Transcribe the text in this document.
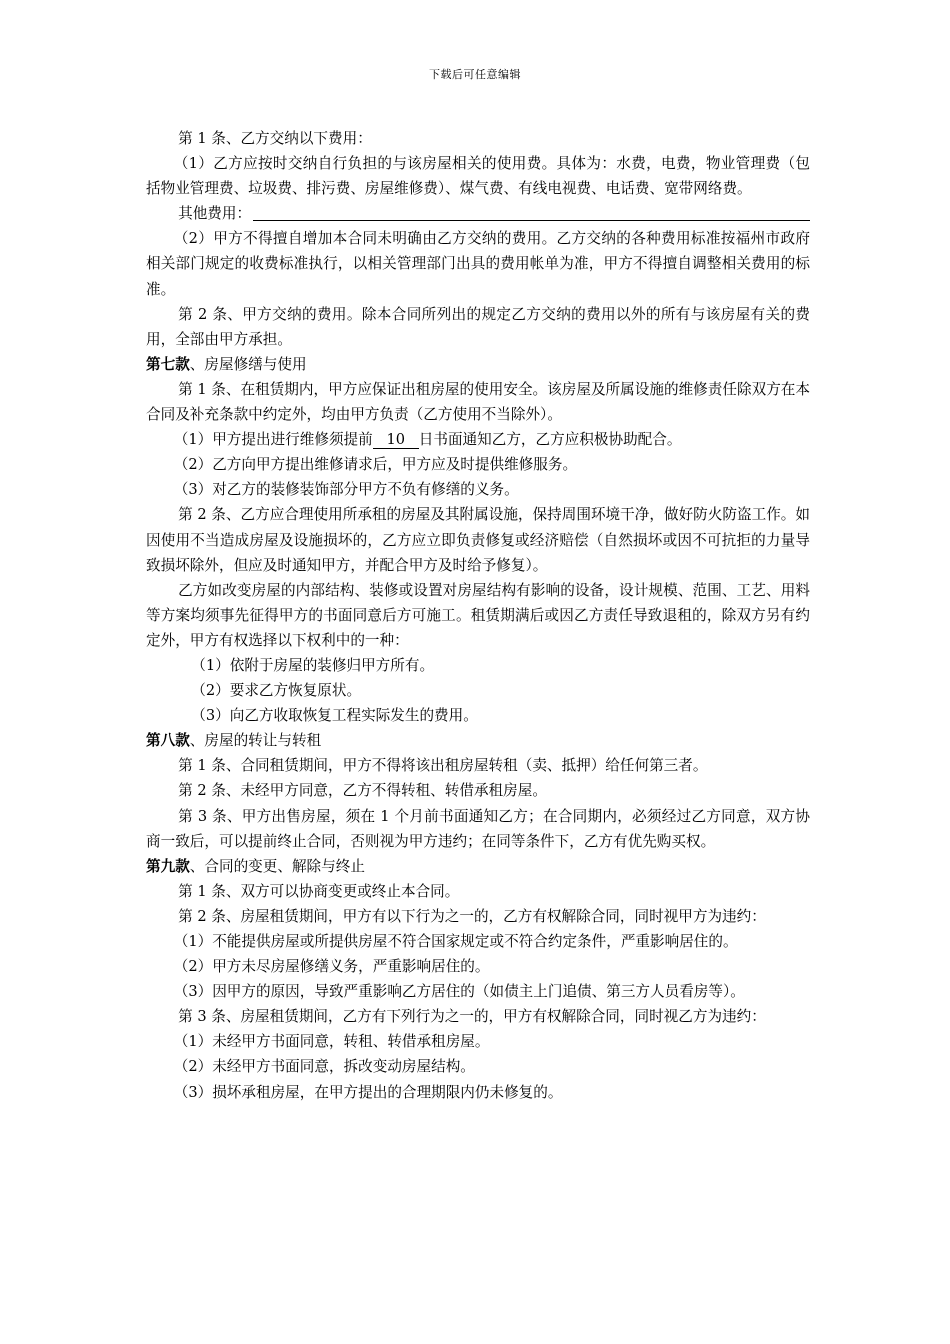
下载后可任意编辑

第 1 条、乙方交纳以下费用：

（1）乙方应按时交纳自行负担的与该房屋相关的使用费。具体为：水费，电费，物业管理费（包括物业管理费、垃圾费、排污费、房屋维修费）、煤气费、有线电视费、电话费、宽带网络费。

其他费用：

（2）甲方不得擅自增加本合同未明确由乙方交纳的费用。乙方交纳的各种费用标准按福州市政府相关部门规定的收费标准执行，以相关管理部门出具的费用帐单为准，甲方不得擅自调整相关费用的标准。

第 2 条、甲方交纳的费用。除本合同所列出的规定乙方交纳的费用以外的所有与该房屋有关的费用，全部由甲方承担。

第七款、房屋修缮与使用

第 1 条、在租赁期内，甲方应保证出租房屋的使用安全。该房屋及所属设施的维修责任除双方在本合同及补充条款中约定外，均由甲方负责（乙方使用不当除外）。

（1）甲方提出进行维修须提前 10 日书面通知乙方，乙方应积极协助配合。

（2）乙方向甲方提出维修请求后，甲方应及时提供维修服务。

（3）对乙方的装修装饰部分甲方不负有修缮的义务。

第 2 条、乙方应合理使用所承租的房屋及其附属设施，保持周围环境干净，做好防火防盗工作。如因使用不当造成房屋及设施损坏的，乙方应立即负责修复或经济赔偿（自然损坏或因不可抗拒的力量导致损坏除外，但应及时通知甲方，并配合甲方及时给予修复）。

乙方如改变房屋的内部结构、装修或设置对房屋结构有影响的设备，设计规模、范围、工艺、用料等方案均须事先征得甲方的书面同意后方可施工。租赁期满后或因乙方责任导致退租的，除双方另有约定外，甲方有权选择以下权利中的一种：

（1）依附于房屋的装修归甲方所有。

（2）要求乙方恢复原状。

（3）向乙方收取恢复工程实际发生的费用。

第八款、房屋的转让与转租

第 1 条、合同租赁期间，甲方不得将该出租房屋转租（卖、抵押）给任何第三者。

第 2 条、未经甲方同意，乙方不得转租、转借承租房屋。

第 3 条、甲方出售房屋，须在 1 个月前书面通知乙方；在合同期内，必须经过乙方同意，双方协商一致后，可以提前终止合同，否则视为甲方违约；在同等条件下，乙方有优先购买权。

第九款、合同的变更、解除与终止

第 1 条、双方可以协商变更或终止本合同。

第 2 条、房屋租赁期间，甲方有以下行为之一的，乙方有权解除合同，同时视甲方为违约：

（1）不能提供房屋或所提供房屋不符合国家规定或不符合约定条件，严重影响居住的。

（2）甲方未尽房屋修缮义务，严重影响居住的。

（3）因甲方的原因，导致严重影响乙方居住的（如债主上门追债、第三方人员看房等）。

第 3 条、房屋租赁期间，乙方有下列行为之一的，甲方有权解除合同，同时视乙方为违约：

（1）未经甲方书面同意，转租、转借承租房屋。

（2）未经甲方书面同意，拆改变动房屋结构。

（3）损坏承租房屋，在甲方提出的合理期限内仍未修复的。
